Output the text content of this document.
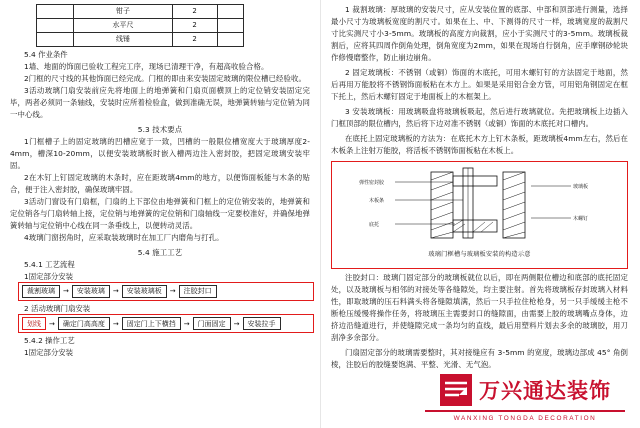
	钳子	2	
	水平尺	2	
	线锤	2	

5.4 作业条件

1墙、地面的饰面已验收工程完工序，现场已清理干净，有超高收验合格。

2门框的尺寸线的其他饰面已经完成。门框的即由来安装固定玻璃的限位槽已经验收。

3活动玻璃门扇安装前应先将地面上的地弹簧和门扇页面横顶上的定位销安装固定完毕，两者必须同一条轴线，安装时应所着检验盒，做到准确无误，地弹簧转轴与定位销为同一中心线。

5.3 技术要点

1门框槽子上的固定玻璃的凹槽应宽于一致，凹槽的一般限位槽宽度大于玻璃厚度2-4mm，槽深10-20mm，以便安装玻璃板时嵌入槽两边注入密封胶，把固定玻璃安装牢固。

2在木钉上钉固定玻璃的木条时，应在距玻璃4mm的地方，以便饰面板能与木条的贴合，便于注入密封胶，确保玻璃牢固。

3活动门窗设有门扇框，门扇的上下部位由地弹簧和门框上的定位销安装的，地弹簧和定位销各与门扇转轴上接，定位销与地弹簧的定位销和门扇轴线一定要校准好，并确保地弹簧转轴与定位销中心线在同一条垂线上，以便转动灵活。

4玻璃门窗拐角时，应采取装玻璃时在加工厂内磨角与打孔。

5.4 施工工艺

5.4.1 工艺流程

1固定部分安装

裁割玻璃	→	安装玻璃	→	安装玻璃板	→	注胶封口

2 活动玻璃门扇安装

划线	→	确定门高高度	→	固定门上下横挡	→	门面固定	→	安装拉手

5.4.2 操作工艺

1固定部分安装

1 裁割玻璃：厚玻璃的安装尺寸，应从安装位置的底部、中部和顶部进行测量，选择最小尺寸为玻璃板宽度的割尺寸。如果在上、中、下测得的尺寸一样，玻璃宽度的裁割尺寸比实测尺寸小3-5mm。玻璃板的高度方向裁割，应小于实测尺寸的3-5mm。玻璃板裁割后，应将其四周作倒角处理，倒角宽度为2mm，如果在现场自行倒角，应手摩钢砂轮块作修慢磨整作，防止崩边崩角。

2 固定玻璃板：不锈钢（或铜）饰面的木底托，可用木螺钉钉的方法固定于地面，然后再用万能胶将不锈钢饰面板粘在木方上。如果是采用铝合金方管，可用铝角钢固定在框下托上，然后木螺钉固定于地面板上的木框架上。

3 安装玻璃板：用玻璃吸盘将玻璃板吸起，然后进行玻璃就位。先把玻璃板上边插入门框顶部的限位槽内，然后将下边对准不锈钢（或铜）饰面的木底托对口槽内。

在底托上固定玻璃板的方法为：在底托木方上钉木条板，距玻璃板4mm左右，然后在木板条上注射万能胶，将活板不锈钢饰面板粘在木板上。

弹性密封胶
木板条
底托
玻璃板
木螺钉
玻璃门框槽与玻璃板安装的构造示意

注胶封口：玻璃门固定部分的玻璃板就位以后，即在两侧限位槽边和底部的底托固定处，以及玻璃板与相邻的对接处等各缝隙处，均主要注射。首先将玻璃板存封玻璃入材料性，即取玻璃的压石料满头将各缝隙填满，然后一只手拉住枪枪身，另一只手缓缓主枪不断枪压缓慢将操作任务，将玻璃压主需要封口的缝隙面，由需要上胶的玻璃嘴点身体，边挤边沿缝道进行，并使缝隙完成一条均匀的直线，最后用塑料片划去多余的玻璃胶，用刀刮净多余部分。

门扇固定部分的玻璃需要整时，其对接缝应有 3-5mm 的宽度，玻璃边部成 45° 角倒棱，注胶后的胶缝要饱满、平整、光滑、无气泡。

万兴通达装饰
WANXING TONGDA DECORATION
